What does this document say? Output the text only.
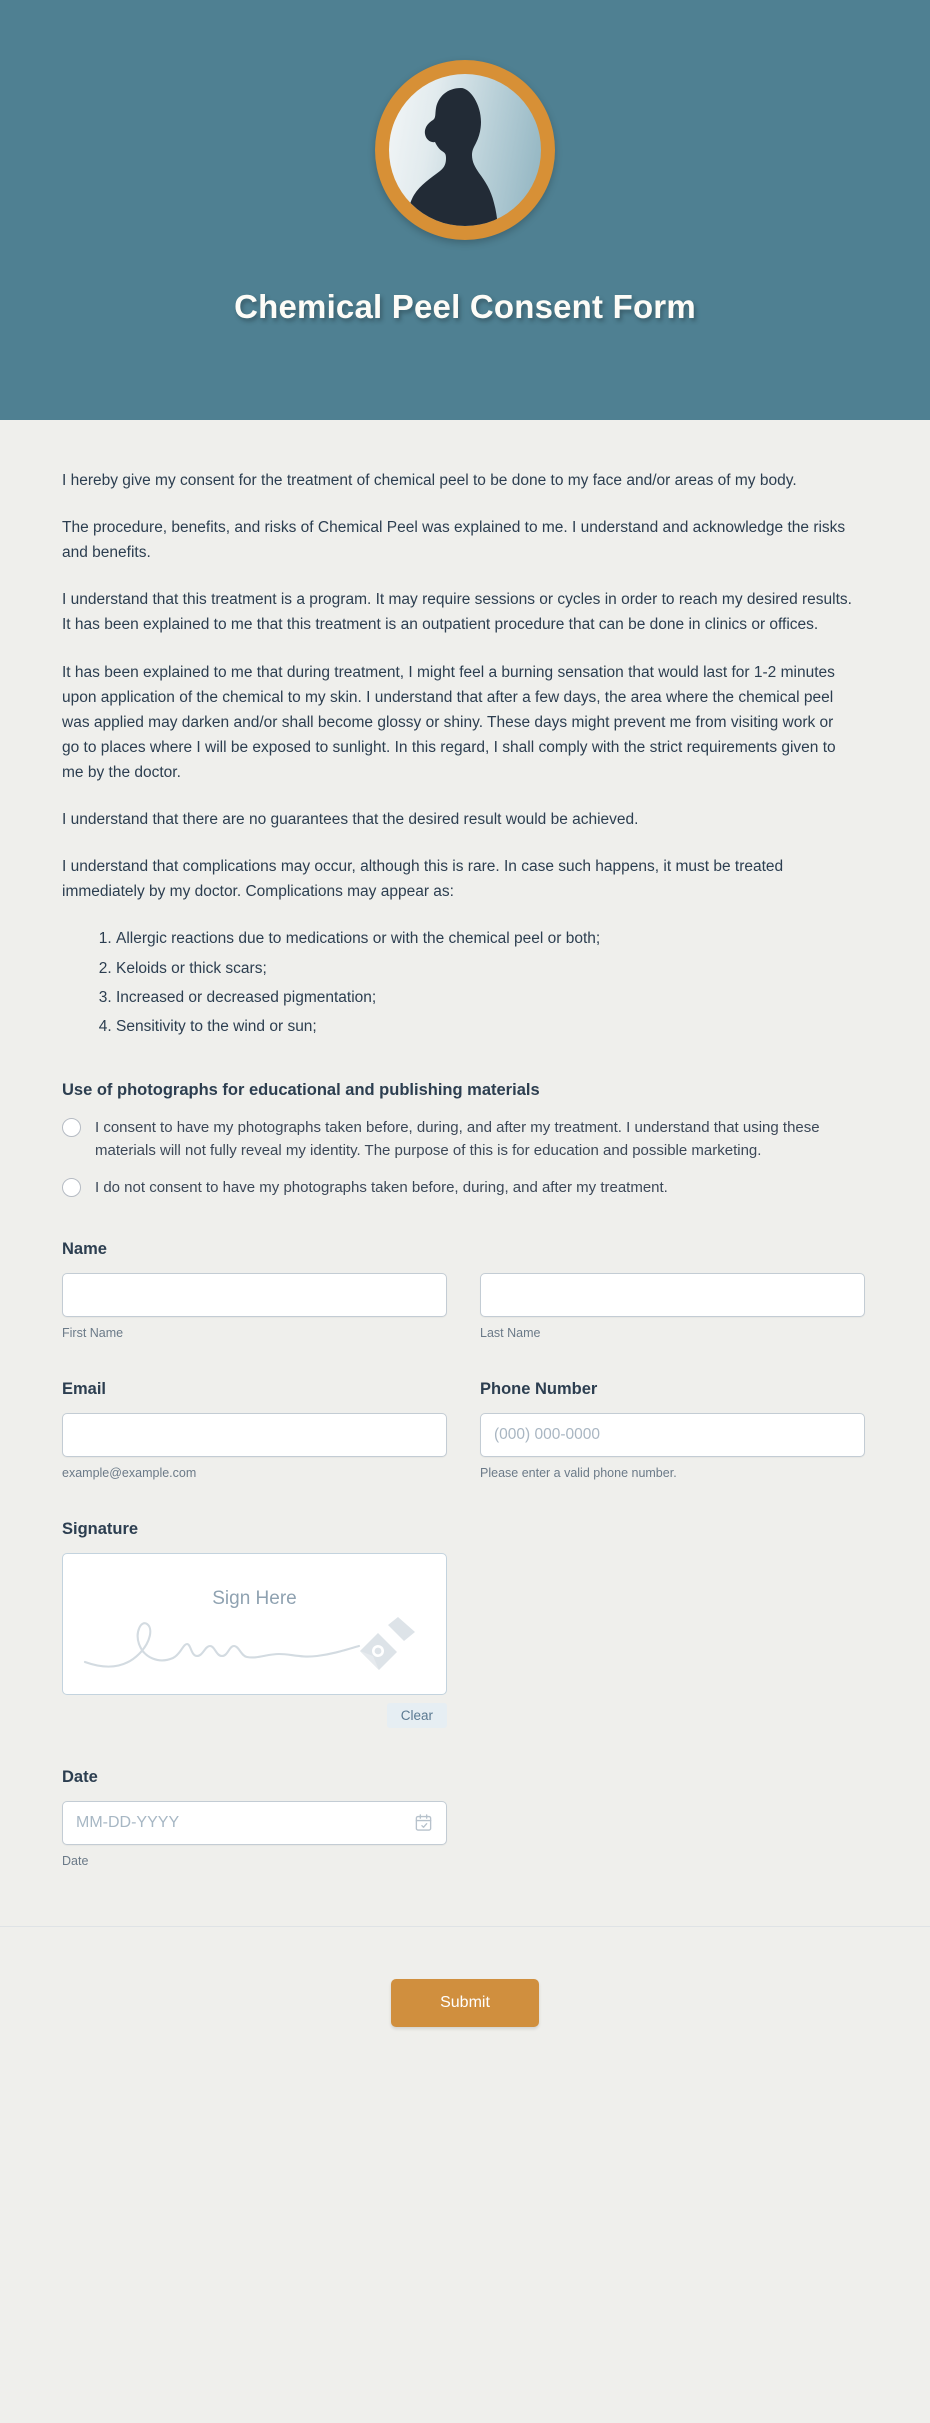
Chemical Peel Consent Form

I hereby give my consent for the treatment of chemical peel to be done to my face and/or areas of my body.

The procedure, benefits, and risks of Chemical Peel was explained to me. I understand and acknowledge the risks and benefits.

I understand that this treatment is a program. It may require sessions or cycles in order to reach my desired results. It has been explained to me that this treatment is an outpatient procedure that can be done in clinics or offices.

It has been explained to me that during treatment, I might feel a burning sensation that would last for 1-2 minutes upon application of the chemical to my skin. I understand that after a few days, the area where the chemical peel was applied may darken and/or shall become glossy or shiny. These days might prevent me from visiting work or go to places where I will be exposed to sunlight. In this regard, I shall comply with the strict requirements given to me by the doctor.

I understand that there are no guarantees that the desired result would be achieved.

I understand that complications may occur, although this is rare. In case such happens, it must be treated immediately by my doctor. Complications may appear as:

1. Allergic reactions due to medications or with the chemical peel or both;
2. Keloids or thick scars;
3. Increased or decreased pigmentation;
4. Sensitivity to the wind or sun;
Use of photographs for educational and publishing materials
I consent to have my photographs taken before, during, and after my treatment. I understand that using these materials will not fully reveal my identity. The purpose of this is for education and possible marketing.
I do not consent to have my photographs taken before, during, and after my treatment.
Name
First Name	Last Name
Email	Phone Number
(000) 000-0000
example@example.com	Please enter a valid phone number.
Signature
Sign Here
Clear
Date
MM-DD-YYYY
Date
Submit
